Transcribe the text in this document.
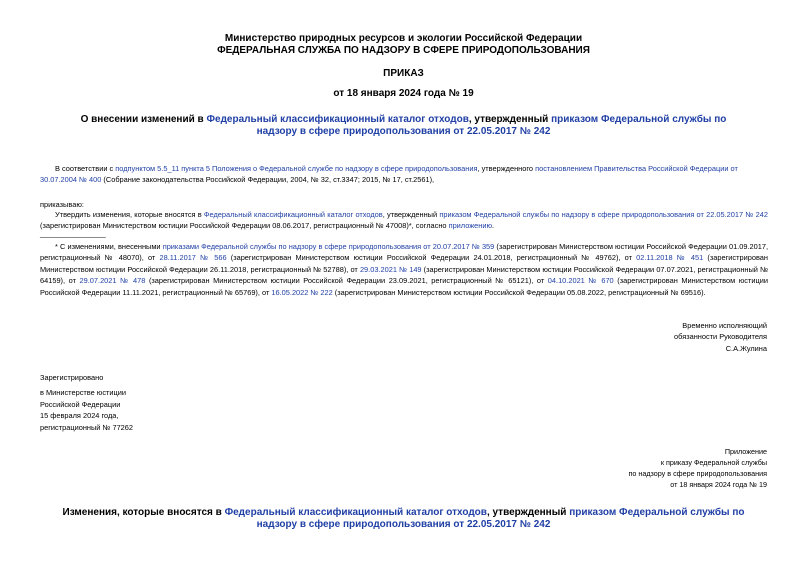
Министерство природных ресурсов и экологии Российской Федерации
ФЕДЕРАЛЬНАЯ СЛУЖБА ПО НАДЗОРУ В СФЕРЕ ПРИРОДОПОЛЬЗОВАНИЯ
ПРИКАЗ
от 18 января 2024 года № 19
О внесении изменений в Федеральный классификационный каталог отходов, утвержденный приказом Федеральной службы по надзору в сфере природопользования от 22.05.2017 № 242
В соответствии с подпунктом 5.5_11 пункта 5 Положения о Федеральной службе по надзору в сфере природопользования, утвержденного постановлением Правительства Российской Федерации от 30.07.2004 № 400 (Собрание законодательства Российской Федерации, 2004, № 32, ст.3347; 2015, № 17, ст.2561),
приказываю:
Утвердить изменения, которые вносятся в Федеральный классификационный каталог отходов, утвержденный приказом Федеральной службы по надзору в сфере природопользования от 22.05.2017 № 242 (зарегистрирован Министерством юстиции Российской Федерации 08.06.2017, регистрационный № 47008)*, согласно приложению.
________________
* С изменениями, внесенными приказами Федеральной службы по надзору в сфере природопользования от 20.07.2017 № 359 (зарегистрирован Министерством юстиции Российской Федерации 01.09.2017, регистрационный № 48070), от 28.11.2017 № 566 (зарегистрирован Министерством юстиции Российской Федерации 24.01.2018, регистрационный № 49762), от 02.11.2018 № 451 (зарегистрирован Министерством юстиции Российской Федерации 26.11.2018, регистрационный № 52788), от 29.03.2021 № 149 (зарегистрирован Министерством юстиции Российской Федерации 07.07.2021, регистрационный № 64159), от 29.07.2021 № 478 (зарегистрирован Министерством юстиции Российской Федерации 23.09.2021, регистрационный № 65121), от 04.10.2021 № 670 (зарегистрирован Министерством юстиции Российской Федерации 11.11.2021, регистрационный № 65769), от 16.05.2022 № 222 (зарегистрирован Министерством юстиции Российской Федерации 05.08.2022, регистрационный № 69516).
Временно исполняющий
обязанности Руководителя
С.А.Жулина
Зарегистрировано
в Министерстве юстиции
Российской Федерации
15 февраля 2024 года,
регистрационный № 77262
Приложение
к приказу Федеральной службы
по надзору в сфере природопользования
от 18 января 2024 года № 19
Изменения, которые вносятся в Федеральный классификационный каталог отходов, утвержденный приказом Федеральной службы по надзору в сфере природопользования от 22.05.2017 № 242
